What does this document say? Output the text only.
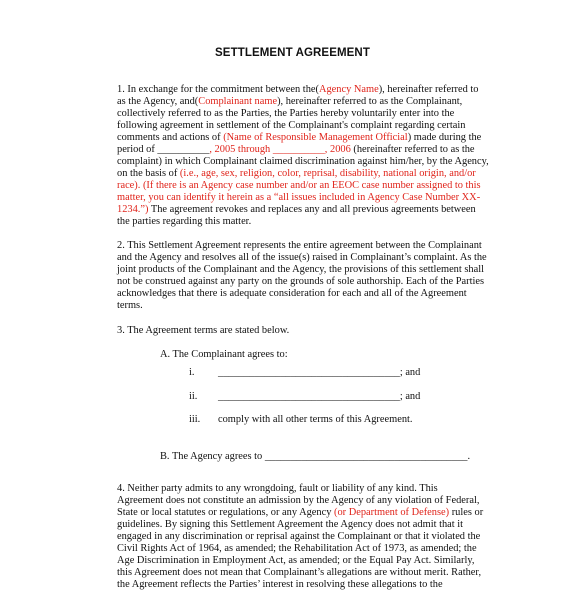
SETTLEMENT AGREEMENT
1. In exchange for the commitment between the(Agency Name), hereinafter referred to
as the Agency, and(Complainant name), hereinafter referred to as the Complainant,
collectively referred to as the Parties, the Parties hereby voluntarily enter into the
following agreement in settlement of the Complainant's complaint regarding certain
comments and actions of (Name of Responsible Management Official) made during the
period of __________, 2005 through __________, 2006 (hereinafter referred to as the
complaint) in which Complainant claimed discrimination against him/her, by the Agency,
on the basis of (i.e., age, sex, religion, color, reprisal, disability, national origin, and/or
race). (If there is an Agency case number and/or an EEOC case number assigned to this
matter, you can identify it herein as a “all issues included in Agency Case Number XX-
1234.”) The agreement revokes and replaces any and all previous agreements between
the parties regarding this matter.
2. This Settlement Agreement represents the entire agreement between the Complainant
and the Agency and resolves all of the issue(s) raised in Complainant’s complaint. As the
joint products of the Complainant and the Agency, the provisions of this settlement shall
not be construed against any party on the grounds of sole authorship. Each of the Parties
acknowledges that there is adequate consideration for each and all of the Agreement
terms.
3. The Agreement terms are stated below.
A. The Complainant agrees to:
i. ___________________________________; and
ii. ___________________________________; and
iii. comply with all other terms of this Agreement.
B. The Agency agrees to _______________________________________.
4. Neither party admits to any wrongdoing, fault or liability of any kind. This
Agreement does not constitute an admission by the Agency of any violation of Federal,
State or local statutes or regulations, or any Agency (or Department of Defense) rules or
guidelines. By signing this Settlement Agreement the Agency does not admit that it
engaged in any discrimination or reprisal against the Complainant or that it violated the
Civil Rights Act of 1964, as amended; the Rehabilitation Act of 1973, as amended; the
Age Discrimination in Employment Act, as amended; or the Equal Pay Act. Similarly,
this Agreement does not mean that Complainant’s allegations are without merit. Rather,
the Agreement reflects the Parties’ interest in resolving these allegations to the
